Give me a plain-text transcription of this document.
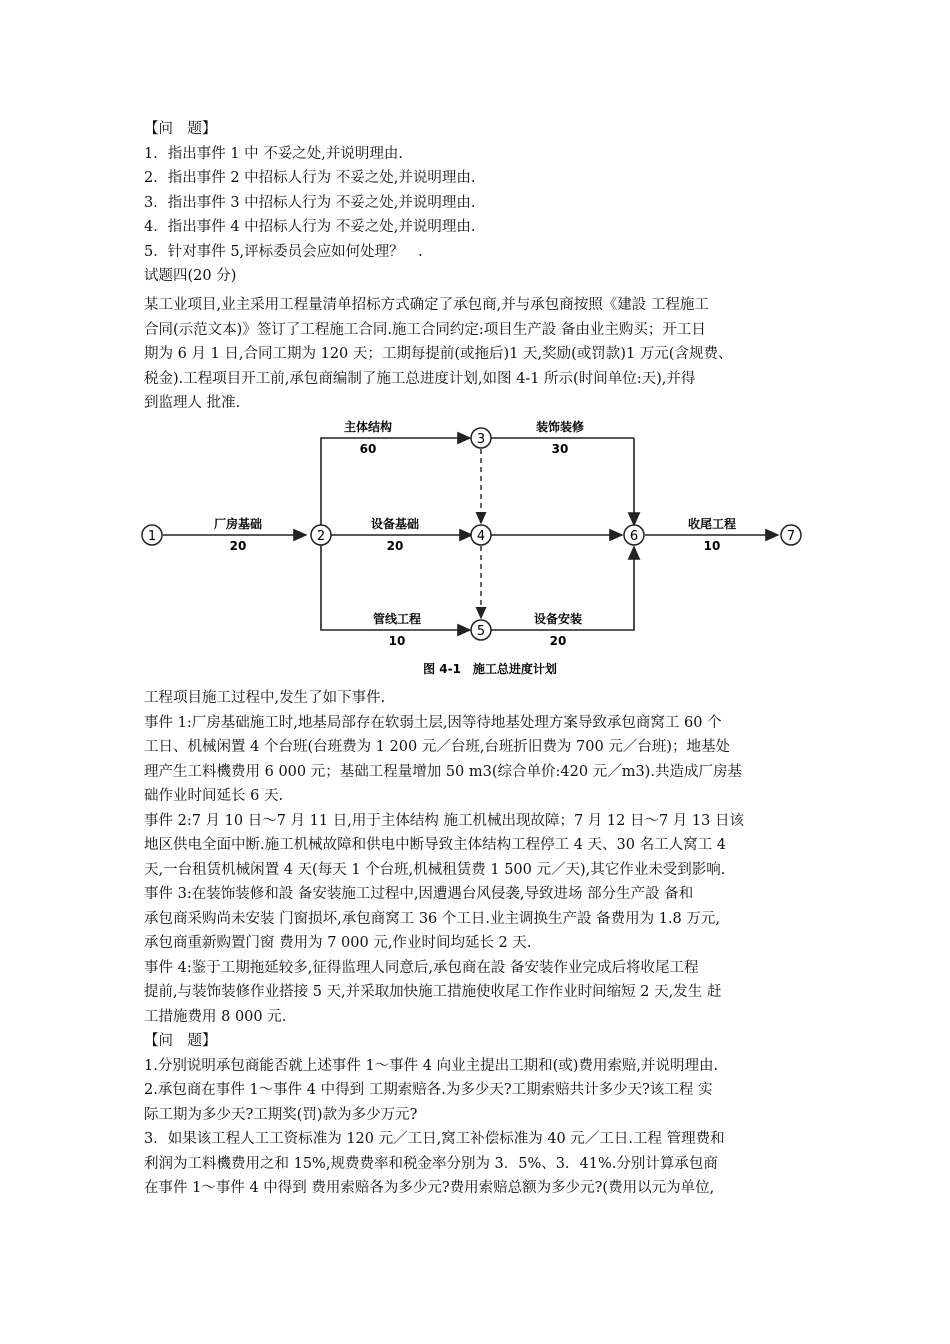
【问　题】

1．指出事件 1 中 不妥之处,并说明理由.

2．指出事件 2 中招标人行为 不妥之处,并说明理由.

3．指出事件 3 中招标人行为 不妥之处,并说明理由.

4．指出事件 4 中招标人行为 不妥之处,并说明理由.

5．针对事件 5,评标委员会应如何处理？　.

试题四(20 分)

某工业项目,业主采用工程量清单招标方式确定了承包商,并与承包商按照《建設 工程施工

合同(示范文本)》签订了工程施工合同.施工合同约定:项目生产設 备由业主购买；开工日

期为 6 月 1 日,合同工期为 120 天；工期每提前(或拖后)1 天,奖励(或罚款)1 万元(含规费、

税金).工程项目开工前,承包商编制了施工总进度计划,如图 4-1 所示(时间单位:天),并得

到监理人 批准.

1	2
3
4
5
6	7
厂房基础
20
主体结构
60
装饰装修
30
设备基础
20
收尾工程
10
管线工程
10
设备安装
20
图 4-1　施工总进度计划

工程项目施工过程中,发生了如下事件.

事件 1:厂房基础施工时,地基局部存在软弱土层,因等待地基处理方案导致承包商窝工 60 个

工日、机械闲置 4 个台班(台班费为 1 200 元／台班,台班折旧费为 700 元／台班)；地基处

理产生工料機费用 6 000 元；基础工程量增加 50 m3(综合单价:420 元／m3).共造成厂房基

础作业时间延长 6 天.

事件 2:7 月 10 日～7 月 11 日,用于主体结构 施工机械出现故障；7 月 12 日～7 月 13 日该

地区供电全面中断.施工机械故障和供电中断导致主体结构工程停工 4 天、30 名工人窝工 4

天,一台租赁机械闲置 4 天(每天 1 个台班,机械租赁费 1 500 元／天),其它作业未受到影响.

事件 3:在装饰装修和設 备安装施工过程中,因遭遇台风侵袭,导致进场 部分生产設 备和

承包商采购尚未安装 门窗损坏,承包商窝工 36 个工日.业主调换生产設 备费用为 1.8 万元,

承包商重新购置门窗 费用为 7 000 元,作业时间均延长 2 天.

事件 4:鉴于工期拖延较多,征得监理人同意后,承包商在設 备安装作业完成后将收尾工程

提前,与装饰装修作业搭接 5 天,并采取加快施工措施使收尾工作作业时间缩短 2 天,发生 赶

工措施费用 8 000 元.

【问　题】

1.分别说明承包商能否就上述事件 1～事件 4 向业主提出工期和(或)费用索赔,并说明理由.

2.承包商在事件 1～事件 4 中得到 工期索赔各.为多少天?工期索赔共计多少天?该工程 实

际工期为多少天?工期奖(罚)款为多少万元?

3．如果该工程人工工资标准为 120 元／工日,窝工补偿标准为 40 元／工日.工程 管理费和

利润为工料機费用之和 15%,规费费率和税金率分别为 3．5%、3．41%.分别计算承包商

在事件 1～事件 4 中得到 费用索赔各为多少元?费用索赔总额为多少元?(费用以元为单位,
